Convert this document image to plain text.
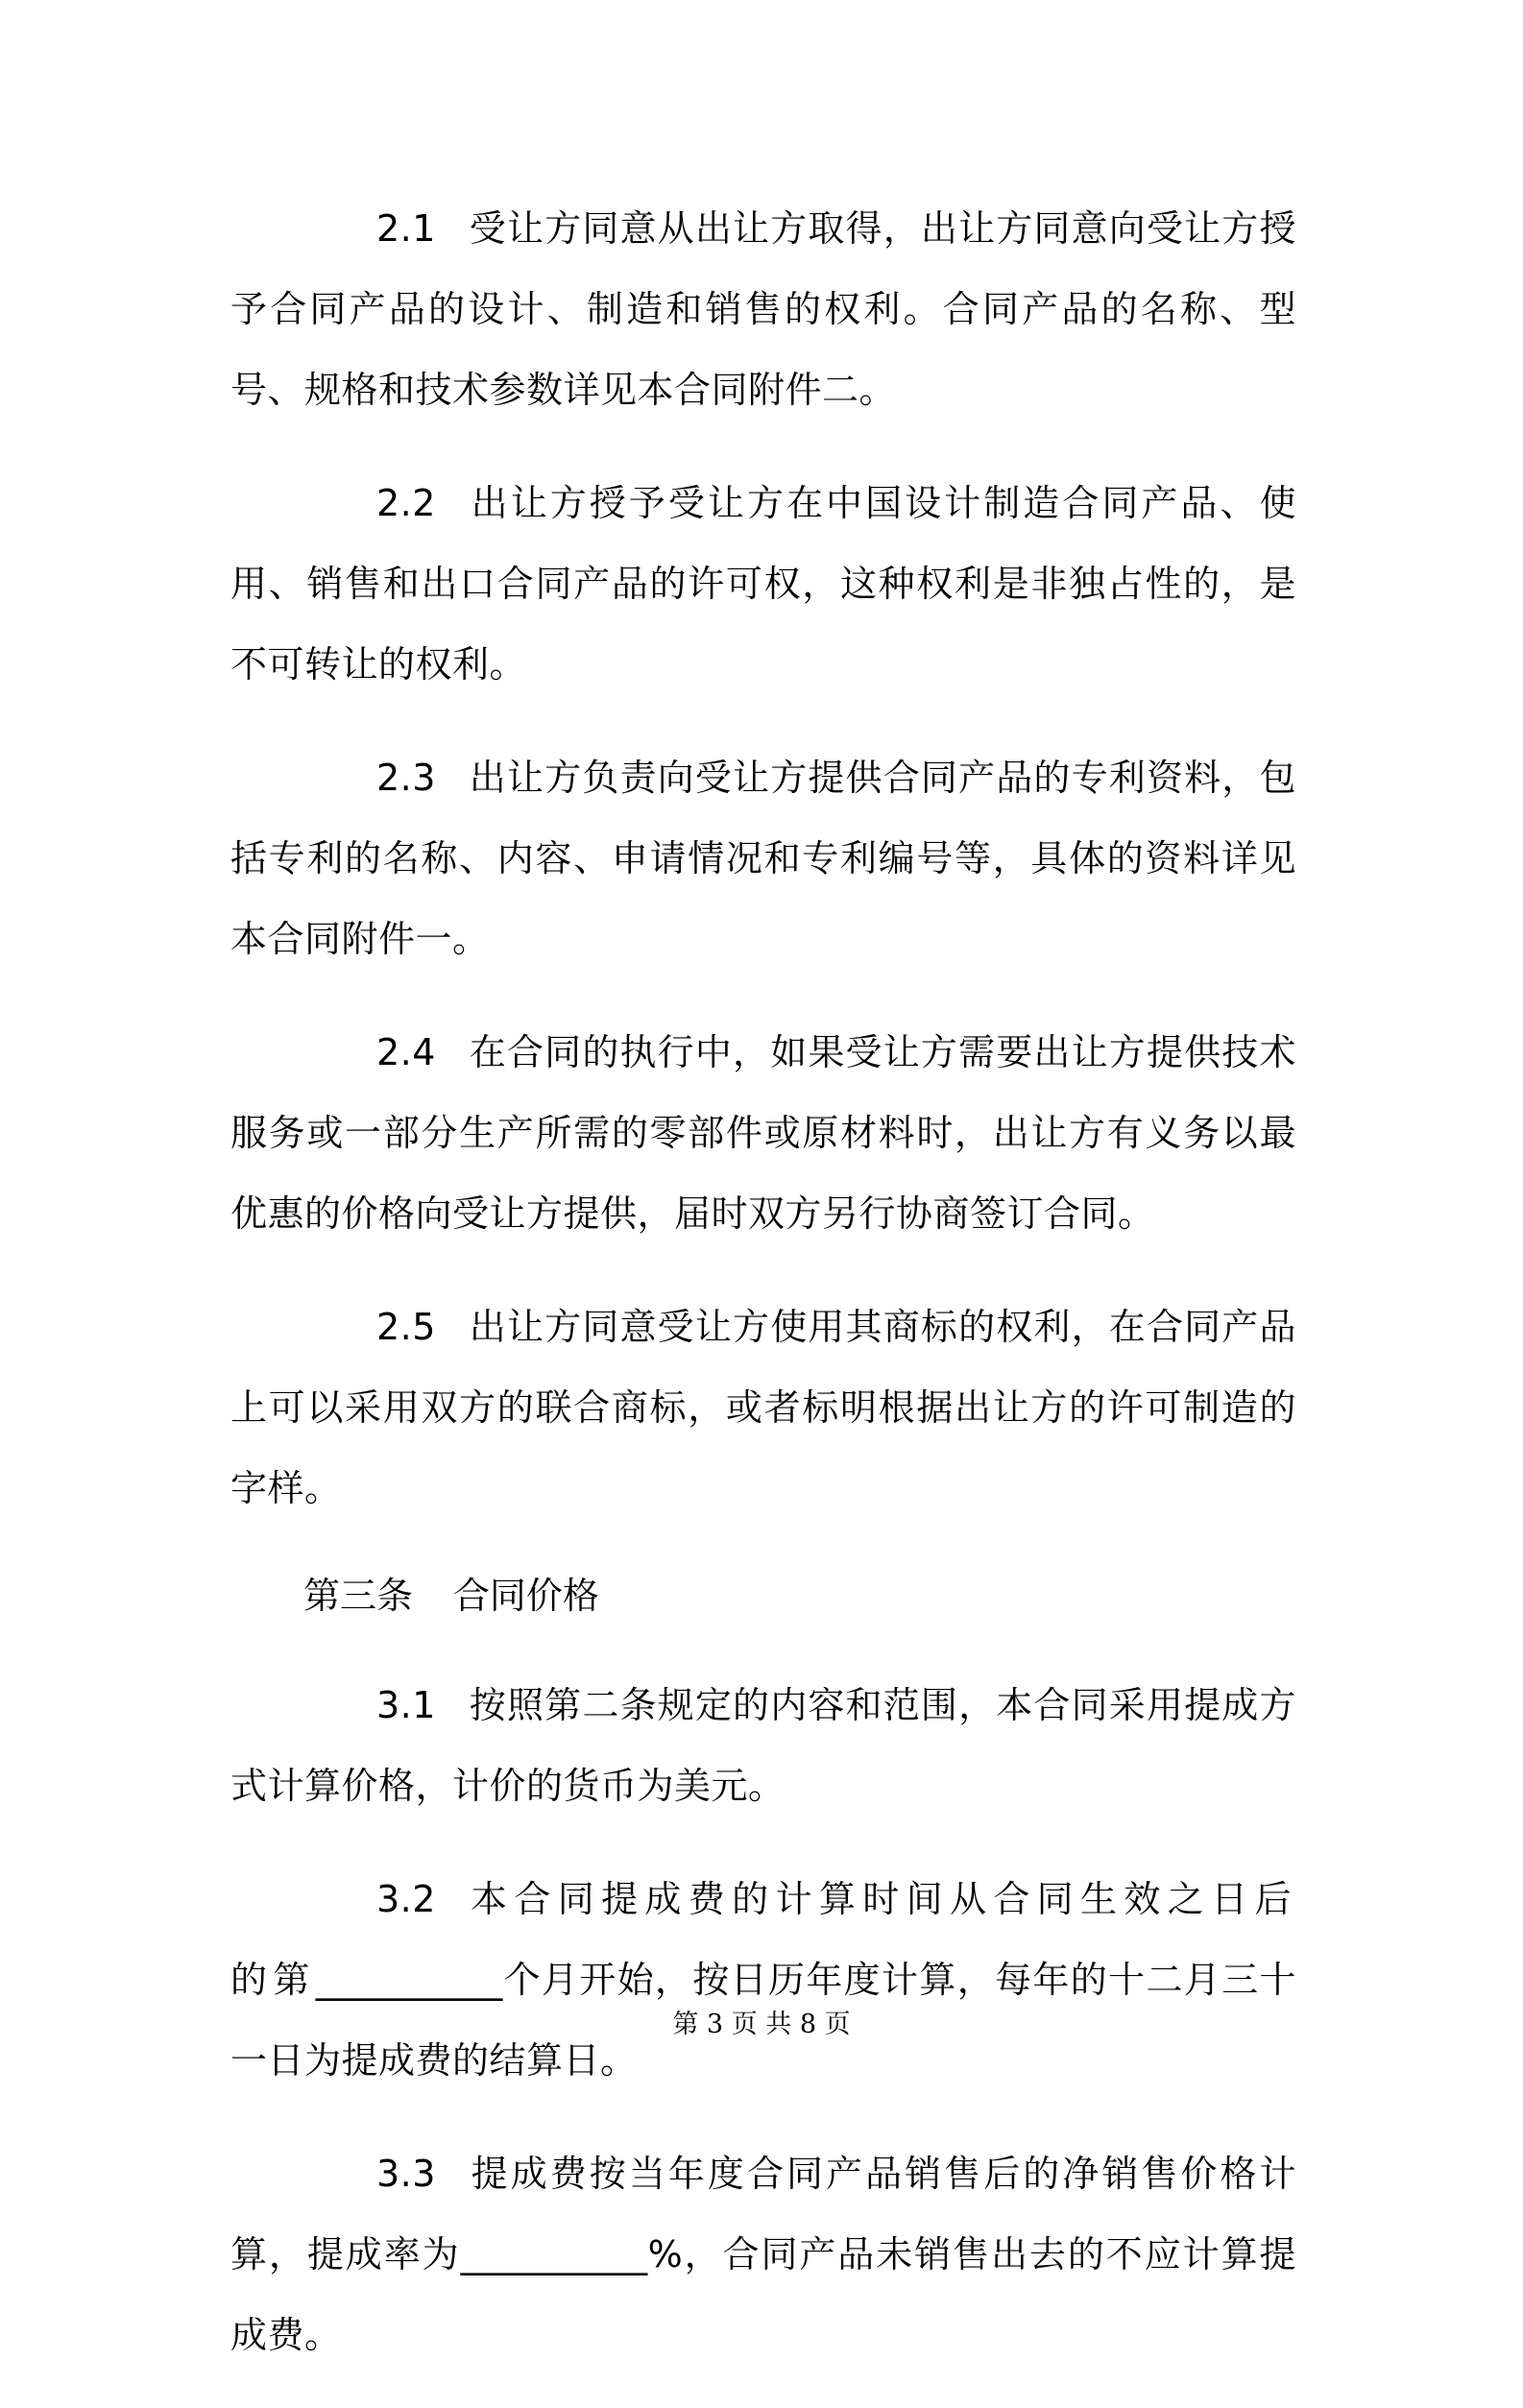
2.1 受让方同意从出让方取得，出让方同意向受让方授予合同产品的设计、制造和销售的权利。合同产品的名称、型号、规格和技术参数详见本合同附件二。

2.2 出让方授予受让方在中国设计制造合同产品、使用、销售和出口合同产品的许可权，这种权利是非独占性的，是不可转让的权利。

2.3 出让方负责向受让方提供合同产品的专利资料，包括专利的名称、内容、申请情况和专利编号等，具体的资料详见本合同附件一。

2.4 在合同的执行中，如果受让方需要出让方提供技术服务或一部分生产所需的零部件或原材料时，出让方有义务以最优惠的价格向受让方提供，届时双方另行协商签订合同。

2.5 出让方同意受让方使用其商标的权利，在合同产品上可以采用双方的联合商标，或者标明根据出让方的许可制造的字样。

第三条 合同价格

3.1 按照第二条规定的内容和范围，本合同采用提成方式计算价格，计价的货币为美元。

3.2 本合同提成费的计算时间从合同生效之日后的第__________个月开始，按日历年度计算，每年的十二月三十一日为提成费的结算日。

3.3 提成费按当年度合同产品销售后的净销售价格计算，提成率为__________%，合同产品未销售出去的不应计算提成费。

第 3 页 共 8 页
